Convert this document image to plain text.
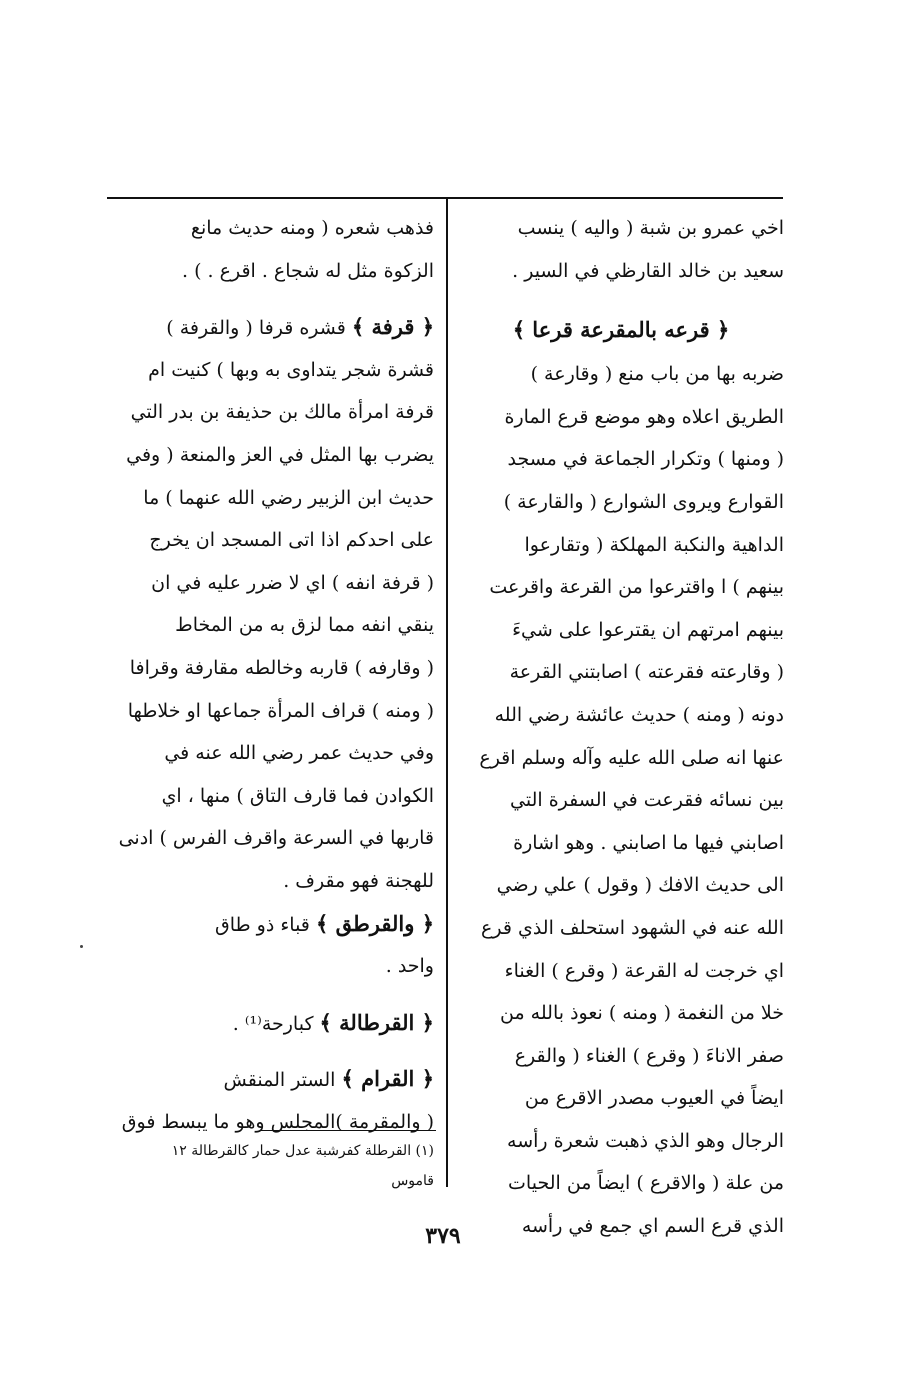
اخي عمرو بن شبة ( واليه ) ينسب
سعيد بن خالد القارظي في السير .
﴿ قرعه بالمقرعة قرعا ﴾
ضربه بها من باب منع ( وقارعة )
الطريق اعلاه وهو موضع قرع المارة
( ومنها ) وتكرار الجماعة في مسجد
القوارع ويروى الشوارع ( والقارعة )
الداهية والنكبة المهلكة ( وتقارعوا
بينهم ) ا واقترعوا من القرعة واقرعت
بينهم امرتهم ان يقترعوا على شيءَ
( وقارعته فقرعته ) اصابتني القرعة
دونه ( ومنه ) حديث عائشة رضي الله
عنها انه صلى الله عليه وآله وسلم اقرع
بين نسائه فقرعت في السفرة التي
اصابني فيها ما اصابني . وهو اشارة
الى حديث الافك ( وقول ) علي رضي
الله عنه في الشهود استحلف الذي قرع
اي خرجت له القرعة ( وقرع ) الغناء
خلا من النغمة ( ومنه ) نعوذ بالله من
صفر الاناءَ ( وقرع ) الغناء ( والقرع
ايضاً في العيوب مصدر الاقرع من
الرجال وهو الذي ذهبت شعرة رأسه
من علة ( والاقرع ) ايضاً من الحيات
الذي قرع السم اي جمع في رأسه
فذهب شعره ( ومنه حديث مانع
الزكوة مثل له شجاع . اقرع . ) .
﴿ قرفة ﴾ قشره قرفا ( والقرفة )
قشرة شجر يتداوى به وبها ) كنيت ام
قرفة امرأة مالك بن حذيفة بن بدر التي
يضرب بها المثل في العز والمنعة ( وفي
حديث ابن الزبير رضي الله عنهما ) ما
على احدكم اذا اتى المسجد ان يخرج
( قرفة انفه ) اي لا ضرر عليه في ان
ينقي انفه مما لزق به من المخاط
( وقارفه ) قاربه وخالطه مقارفة وقرافا
( ومنه ) قراف المرأة جماعها او خلاطها
وفي حديث عمر رضي الله عنه في
الكوادن فما قارف التاق ) منها ، اي
قاربها في السرعة واقرف الفرس ) ادنى
للهجنة فهو مقرف .
﴿ والقرطق ﴾ قباء ذو طاق
واحد .
﴿ القرطالة ﴾ كبارحة⁽¹⁾ .
﴿ القرام ﴾ الستر المنقش
( والمقرمة )المجلس وهو ما يبسط فوق
(١) القرطلة كفرشبة عدل حمار كالقرطالة ١٢
قاموس
٣٧٩
